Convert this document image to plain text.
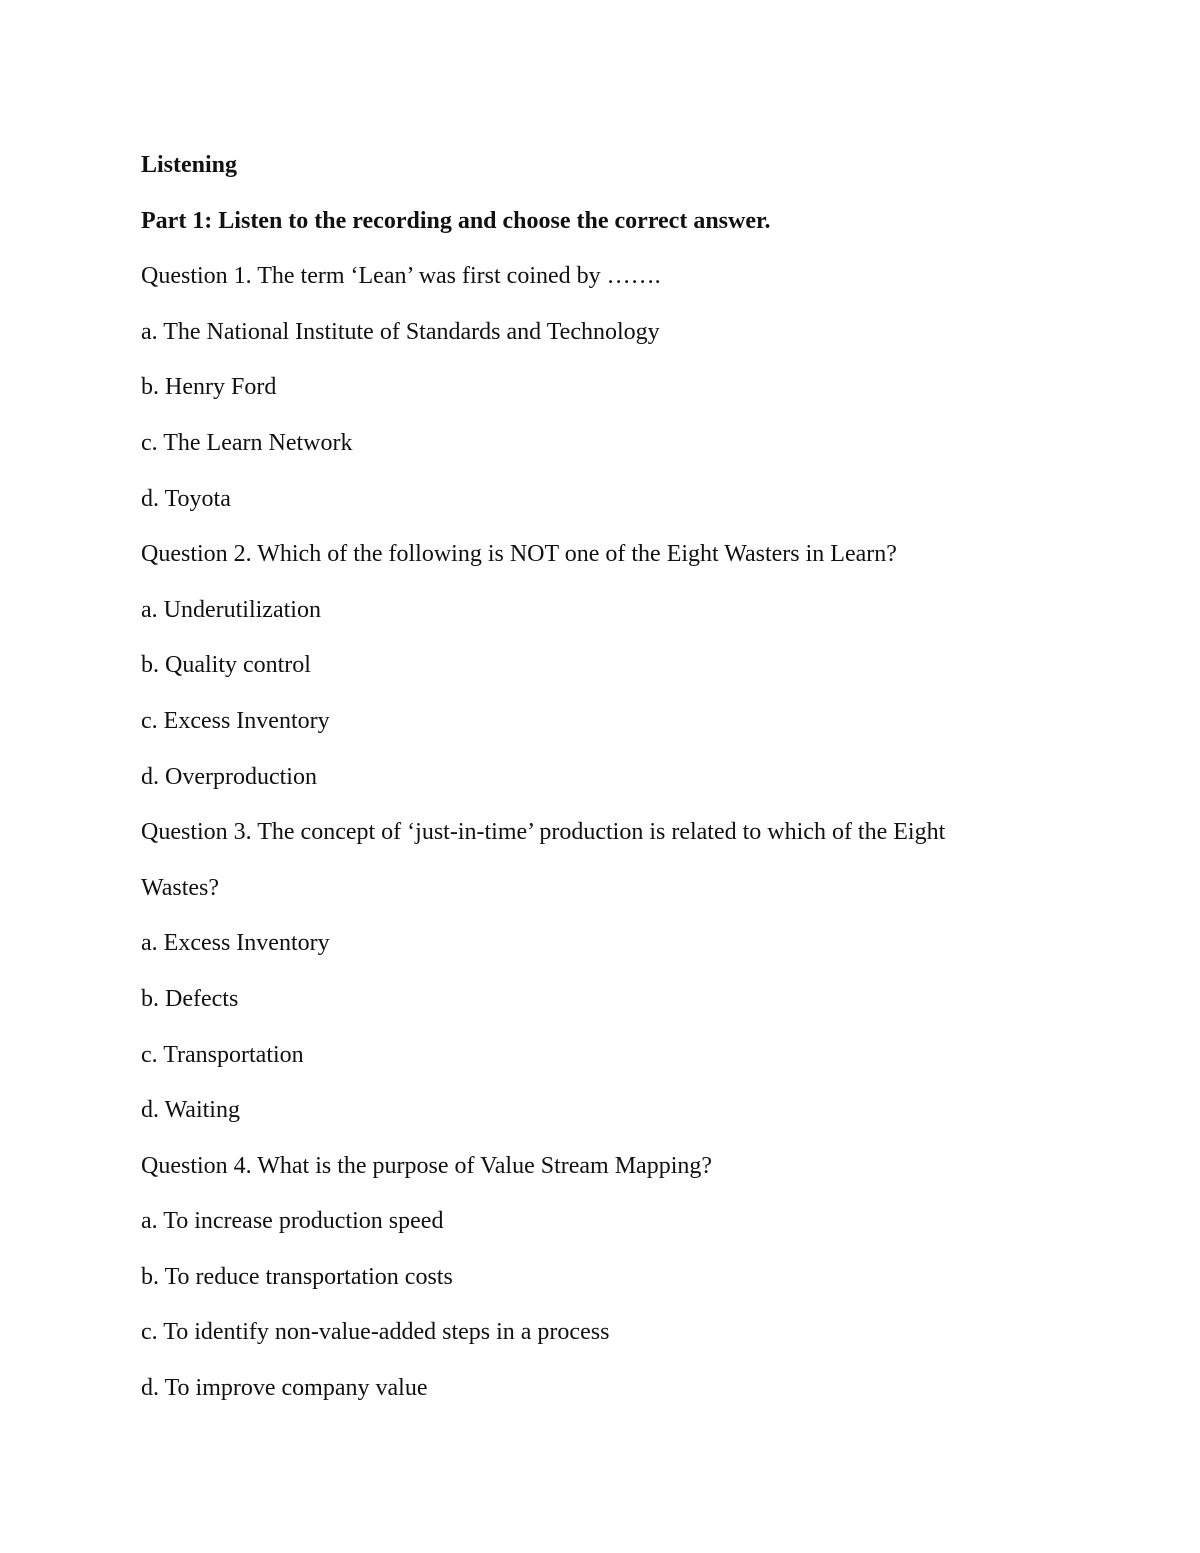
Listening

Part 1: Listen to the recording and choose the correct answer.

Question 1. The term ‘Lean’ was first coined by …….

a. The National Institute of Standards and Technology

b. Henry Ford

c. The Learn Network

d. Toyota

Question 2. Which of the following is NOT one of the Eight Wasters in Learn?

a. Underutilization

b. Quality control

c. Excess Inventory

d. Overproduction

Question 3. The concept of ‘just-in-time’ production is related to which of the Eight

Wastes?

a. Excess Inventory

b. Defects

c. Transportation

d. Waiting

Question 4. What is the purpose of Value Stream Mapping?

a. To increase production speed

b. To reduce transportation costs

c. To identify non-value-added steps in a process

d. To improve company value
